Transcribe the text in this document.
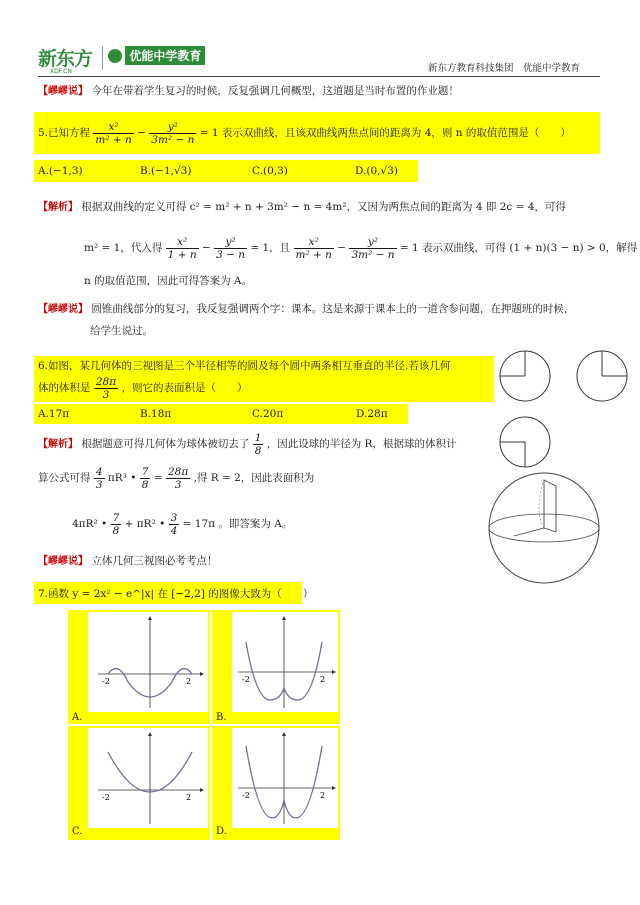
新东方
XDF.CN
优能中学教育
新东方教育科技集团　优能中学教育
【嵺嵺说】 今年在带着学生复习的时候，反复强调几何概型，这道题是当时布置的作业题！
5.已知方程 $\frac{\text{x²}}{\text{m² + n}} - \frac{\text{y²}}{\text{3m² − n}} = 1$ 表示双曲线，且该双曲线两焦点间的距离为 4，则 n 的取值范围是（　　）
A.(−1,3)	B.(−1,√3)	C.(0,3)	D.(0,√3)
【解析】 根据双曲线的定义可得 c² = m² + n + 3m² − n = 4m²，又因为两焦点间的距离为 4 即 2c = 4，可得
m² = 1，代入得 $\frac{\text{x²}}{1 + n} - \frac{\text{y²}}{3 - n} = 1$，且 $\frac{\text{x²}}{\text{m² + n}} - \frac{\text{y²}}{\text{3m² − n}} = 1$ 表示双曲线，可得 (1 + n)(3 − n) > 0，解得
n 的取值范围，因此可得答案为 A。
【嵺嵺说】 圆锥曲线部分的复习，我反复强调两个字：课本。这是来源于课本上的一道含参问题，在押题班的时候，
给学生说过。
6.如图，某几何体的三视图是三个半径相等的圆及每个圆中两条相互垂直的半径.若该几何
体的体积是 $\frac{28\pi}{3}$ ，则它的表面积是（　　）
A.17π	B.18π	C.20π	D.28π
【解析】 根据题意可得几何体为球体被切去了 $\frac{1}{8}$ ，因此设球的半径为 R，根据球的体积计
算公式可得 $\frac{4}{3} \pi R^3$ • $\frac{7}{8} = \frac{28\pi}{3}$ ,得 R = 2，因此表面积为
4πR² • $\frac{7}{8} + \pi R^2$ • $\frac{3}{4} = 17\pi$ 。即答案为 A。
【嵺嵺说】 立体几何三视图必考考点！
7.函数 y = 2x² − e^|x| 在 [−2,2] 的图像大致为（　　）
-2	2
A.
-2	2
B.
-2	2
C.
-2	2
D.
